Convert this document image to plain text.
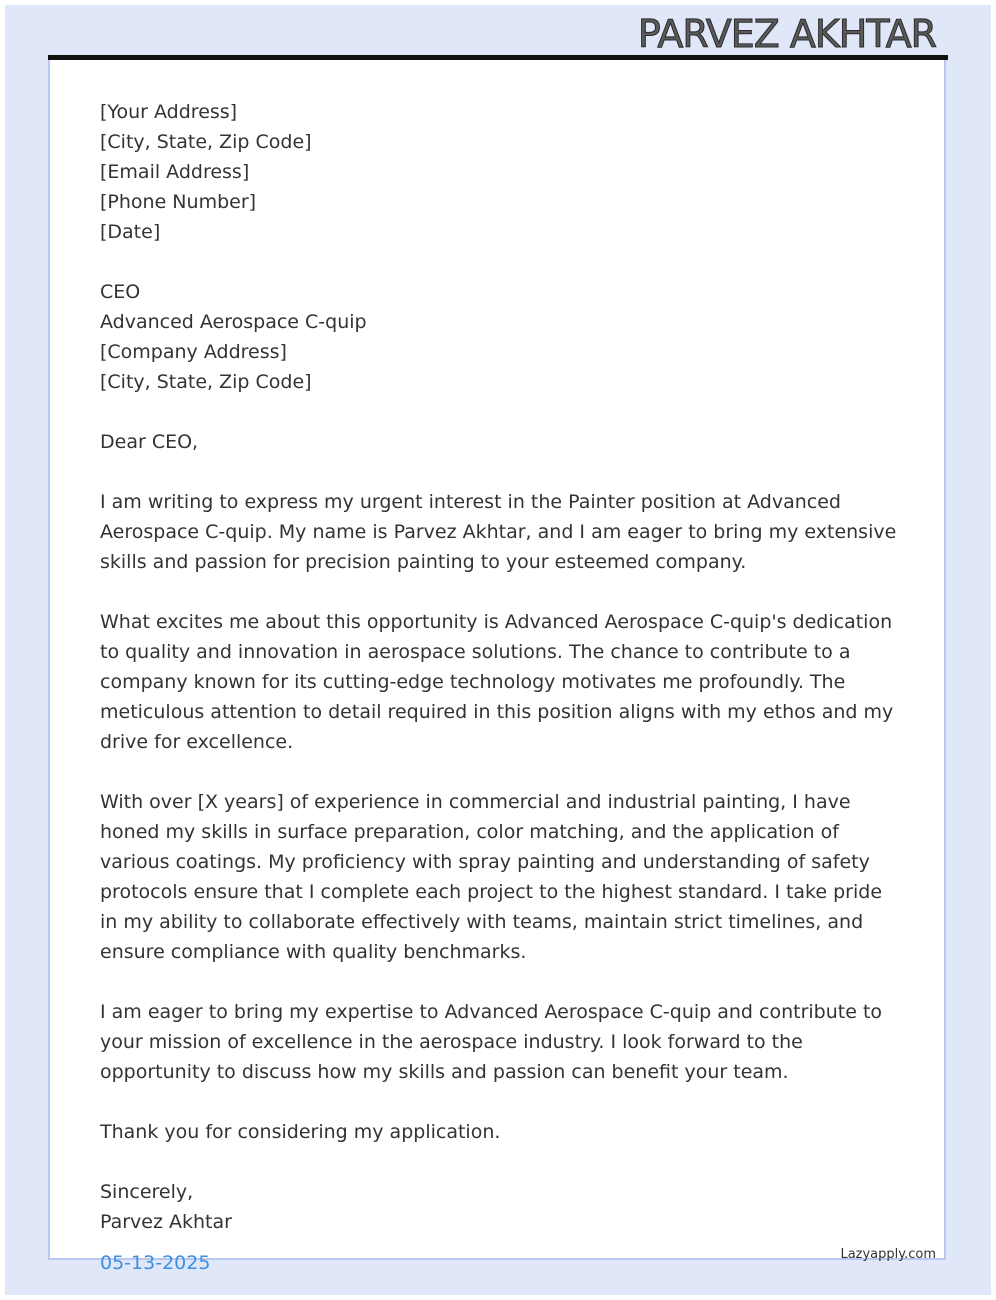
PARVEZ AKHTAR
[Your Address]
[City, State, Zip Code]
[Email Address]
[Phone Number]
[Date]
CEO
Advanced Aerospace C-quip
[Company Address]
[City, State, Zip Code]
Dear CEO,

I am writing to express my urgent interest in the Painter position at Advanced Aerospace C-quip. My name is Parvez Akhtar, and I am eager to bring my extensive skills and passion for precision painting to your esteemed company.

What excites me about this opportunity is Advanced Aerospace C-quip's dedication to quality and innovation in aerospace solutions. The chance to contribute to a company known for its cutting-edge technology motivates me profoundly. The meticulous attention to detail required in this position aligns with my ethos and my drive for excellence.

With over [X years] of experience in commercial and industrial painting, I have honed my skills in surface preparation, color matching, and the application of various coatings. My proficiency with spray painting and understanding of safety protocols ensure that I complete each project to the highest standard. I take pride in my ability to collaborate effectively with teams, maintain strict timelines, and ensure compliance with quality benchmarks.

I am eager to bring my expertise to Advanced Aerospace C-quip and contribute to your mission of excellence in the aerospace industry. I look forward to the opportunity to discuss how my skills and passion can benefit your team.

Thank you for considering my application.

Sincerely,
Parvez Akhtar
05-13-2025	Lazyapply.com
